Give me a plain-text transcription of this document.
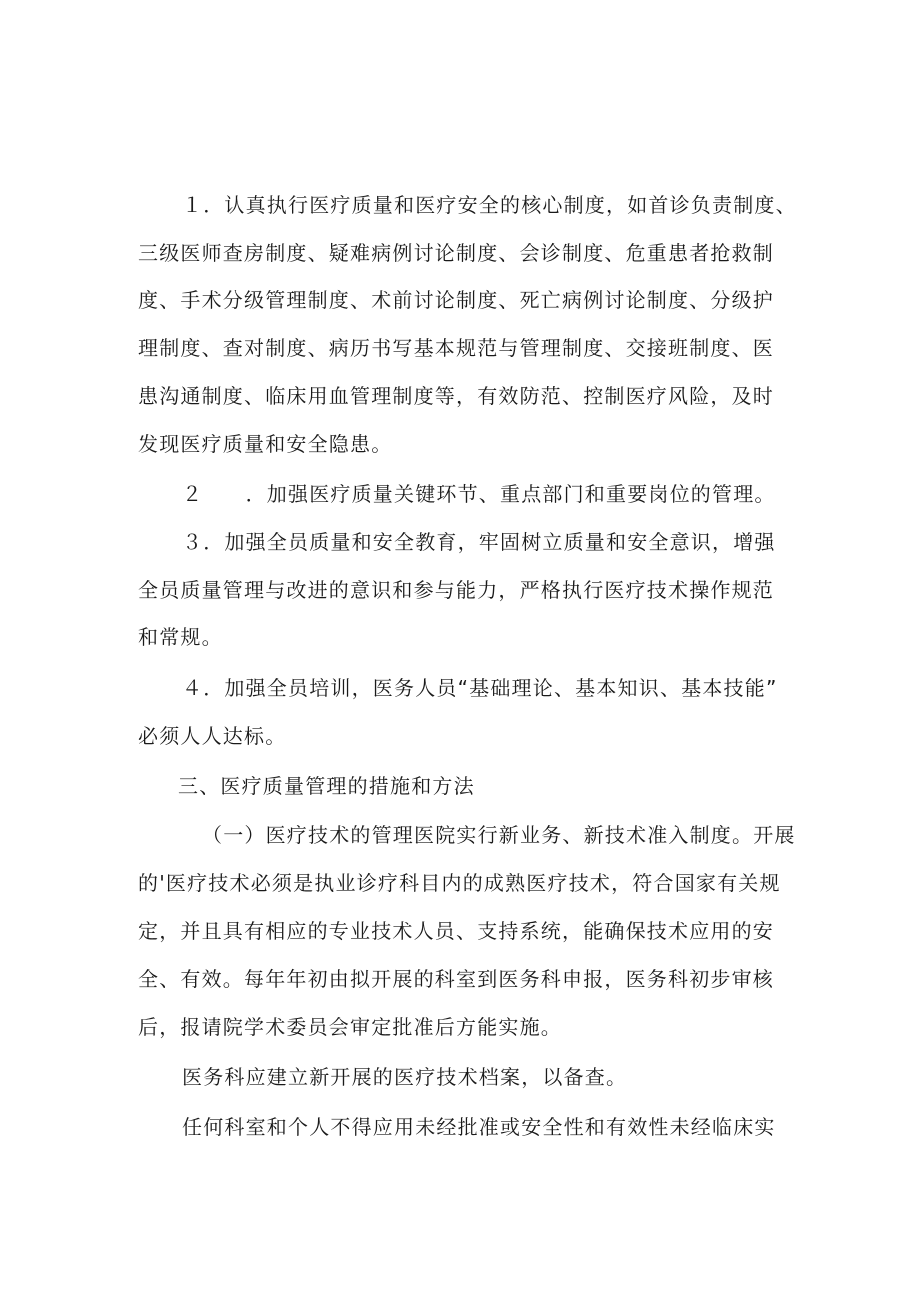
１．认真执行医疗质量和医疗安全的核心制度，如首诊负责制度、
三级医师查房制度、疑难病例讨论制度、会诊制度、危重患者抢救制
度、手术分级管理制度、术前讨论制度、死亡病例讨论制度、分级护
理制度、查对制度、病历书写基本规范与管理制度、交接班制度、医
患沟通制度、临床用血管理制度等，有效防范、控制医疗风险，及时
发现医疗质量和安全隐患。
２　　．加强医疗质量关键环节、重点部门和重要岗位的管理。
３．加强全员质量和安全教育，牢固树立质量和安全意识，增强
全员质量管理与改进的意识和参与能力，严格执行医疗技术操作规范
和常规。
４．加强全员培训，医务人员“基础理论、基本知识、基本技能”
必须人人达标。
三、医疗质量管理的措施和方法
（一）医疗技术的管理医院实行新业务、新技术准入制度。开展
的'医疗技术必须是执业诊疗科目内的成熟医疗技术，符合国家有关规
定，并且具有相应的专业技术人员、支持系统，能确保技术应用的安
全、有效。每年年初由拟开展的科室到医务科申报，医务科初步审核
后，报请院学术委员会审定批准后方能实施。
医务科应建立新开展的医疗技术档案，以备查。
任何科室和个人不得应用未经批准或安全性和有效性未经临床实
